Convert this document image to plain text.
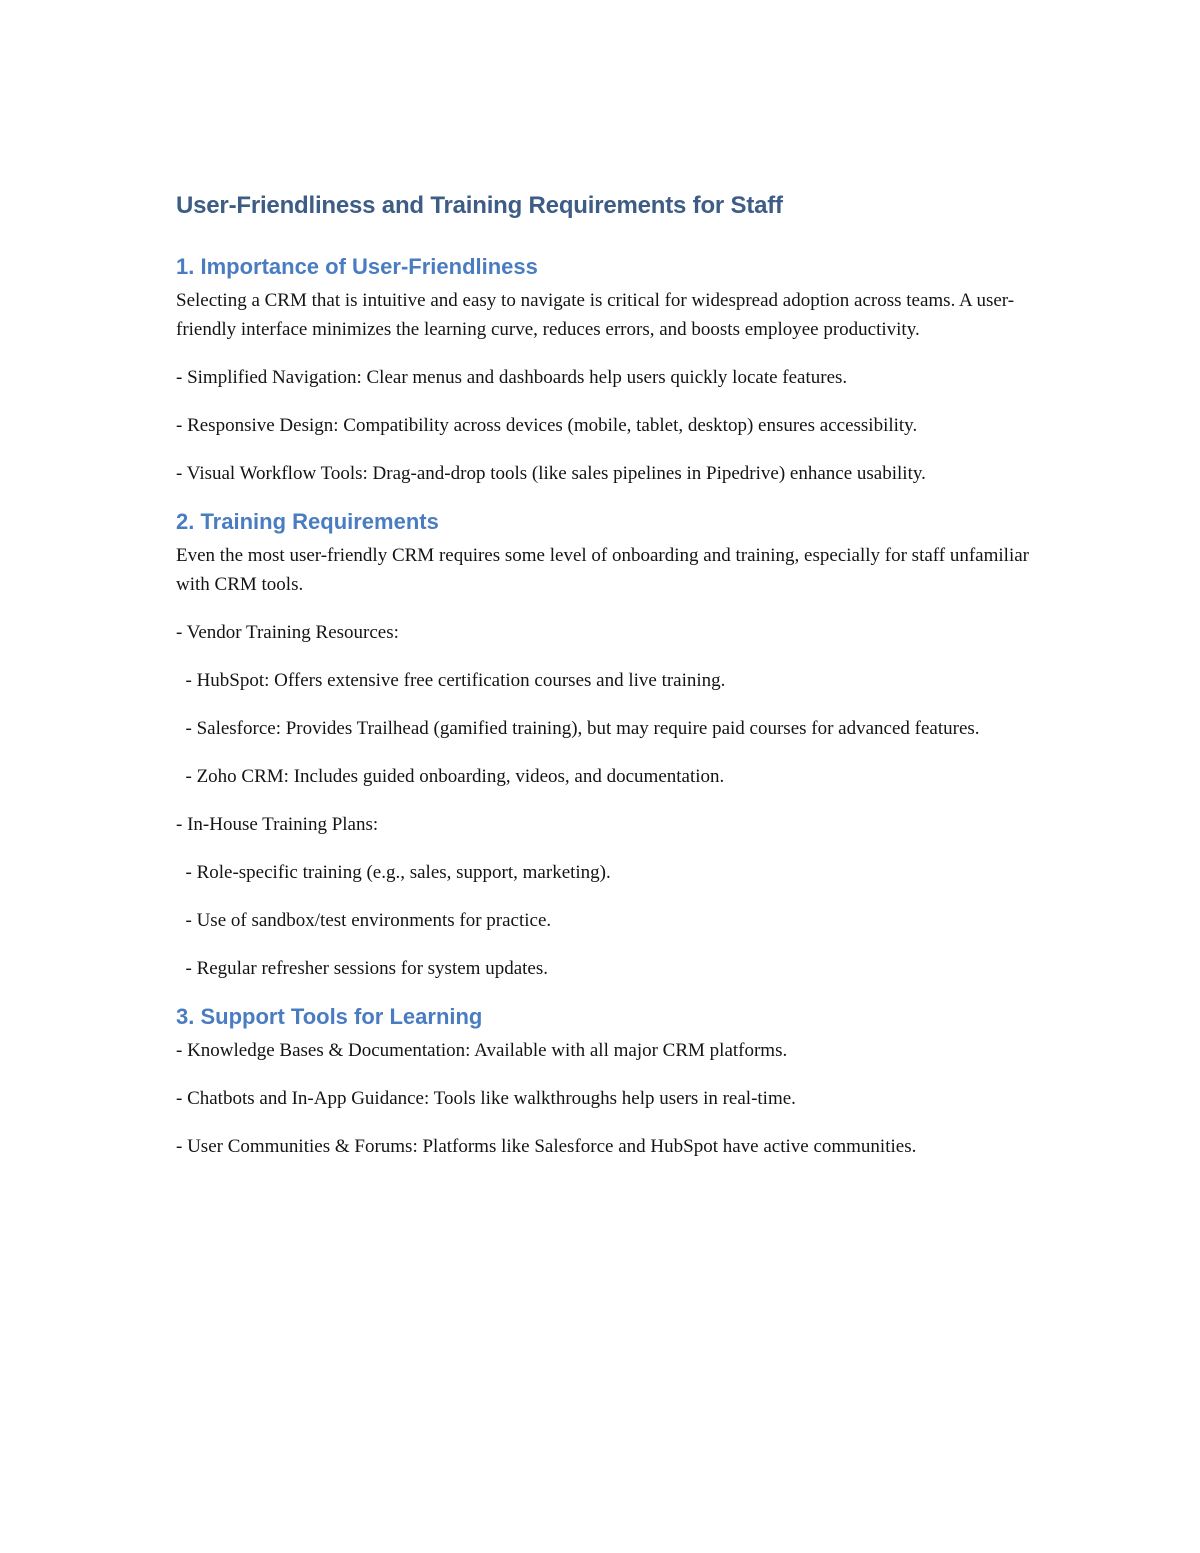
User-Friendliness and Training Requirements for Staff
1. Importance of User-Friendliness

Selecting a CRM that is intuitive and easy to navigate is critical for widespread adoption across teams. A user-friendly interface minimizes the learning curve, reduces errors, and boosts employee productivity.

- Simplified Navigation: Clear menus and dashboards help users quickly locate features.

- Responsive Design: Compatibility across devices (mobile, tablet, desktop) ensures accessibility.

- Visual Workflow Tools: Drag-and-drop tools (like sales pipelines in Pipedrive) enhance usability.

2. Training Requirements

Even the most user-friendly CRM requires some level of onboarding and training, especially for staff unfamiliar with CRM tools.

- Vendor Training Resources:

- HubSpot: Offers extensive free certification courses and live training.

- Salesforce: Provides Trailhead (gamified training), but may require paid courses for advanced features.

- Zoho CRM: Includes guided onboarding, videos, and documentation.

- In-House Training Plans:

- Role-specific training (e.g., sales, support, marketing).

- Use of sandbox/test environments for practice.

- Regular refresher sessions for system updates.

3. Support Tools for Learning

- Knowledge Bases & Documentation: Available with all major CRM platforms.

- Chatbots and In-App Guidance: Tools like walkthroughs help users in real-time.

- User Communities & Forums: Platforms like Salesforce and HubSpot have active communities.
